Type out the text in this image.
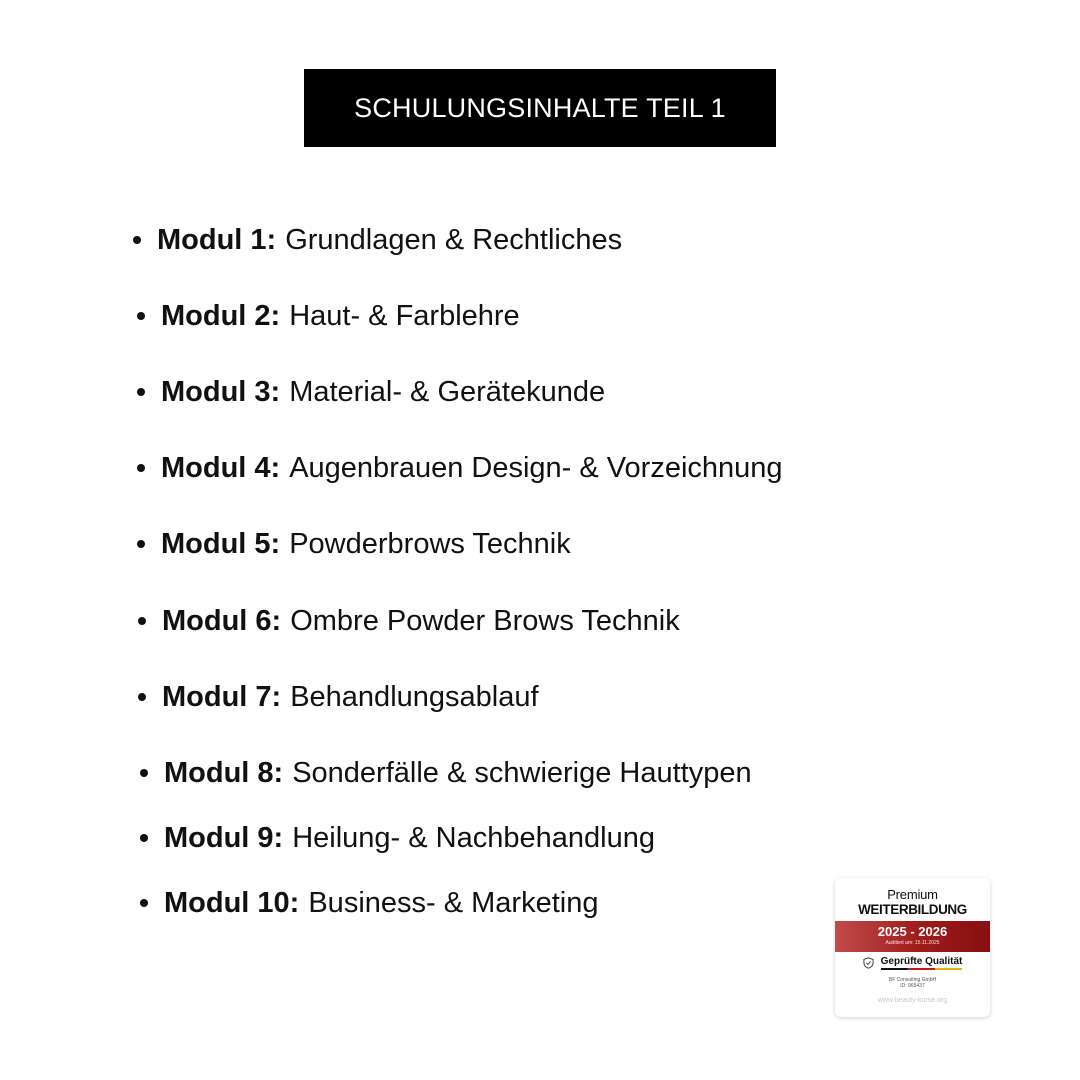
SCHULUNGSINHALTE TEIL 1
Modul 1: Grundlagen & Rechtliches
Modul 2: Haut- & Farblehre
Modul 3: Material- & Gerätekunde
Modul 4: Augenbrauen Design- & Vorzeichnung
Modul 5: Powderbrows Technik
Modul 6: Ombre Powder Brows Technik
Modul 7: Behandlungsablauf
Modul 8: Sonderfälle & schwierige Hauttypen
Modul 9: Heilung- & Nachbehandlung
Modul 10: Business- & Marketing	Premium
WEITERBILDUNG
2025 - 2026
Auditiert am: 15.11.2025
Geprüfte Qualität
BF Consulting GmbH
ID: 965437
www.beauty-kurse.org
